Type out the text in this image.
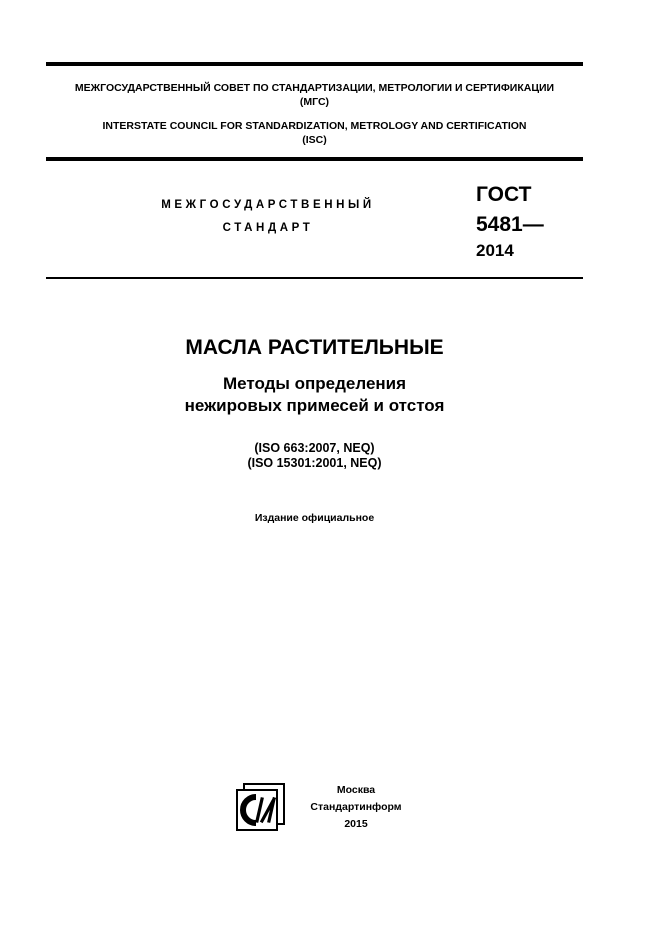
МЕЖГОСУДАРСТВЕННЫЙ СОВЕТ ПО СТАНДАРТИЗАЦИИ, МЕТРОЛОГИИ И СЕРТИФИКАЦИИ
(МГС)
INTERSTATE COUNCIL FOR STANDARDIZATION, METROLOGY AND CERTIFICATION
(ISC)
МЕЖГОСУДАРСТВЕННЫЙ
СТАНДАРТ
ГОСТ
5481—
2014
МАСЛА РАСТИТЕЛЬНЫЕ
Методы определения
нежировых примесей и отстоя
(ISO 663:2007, NEQ)
(ISO 15301:2001, NEQ)
Издание официальное
Москва
Стандартинформ
2015
